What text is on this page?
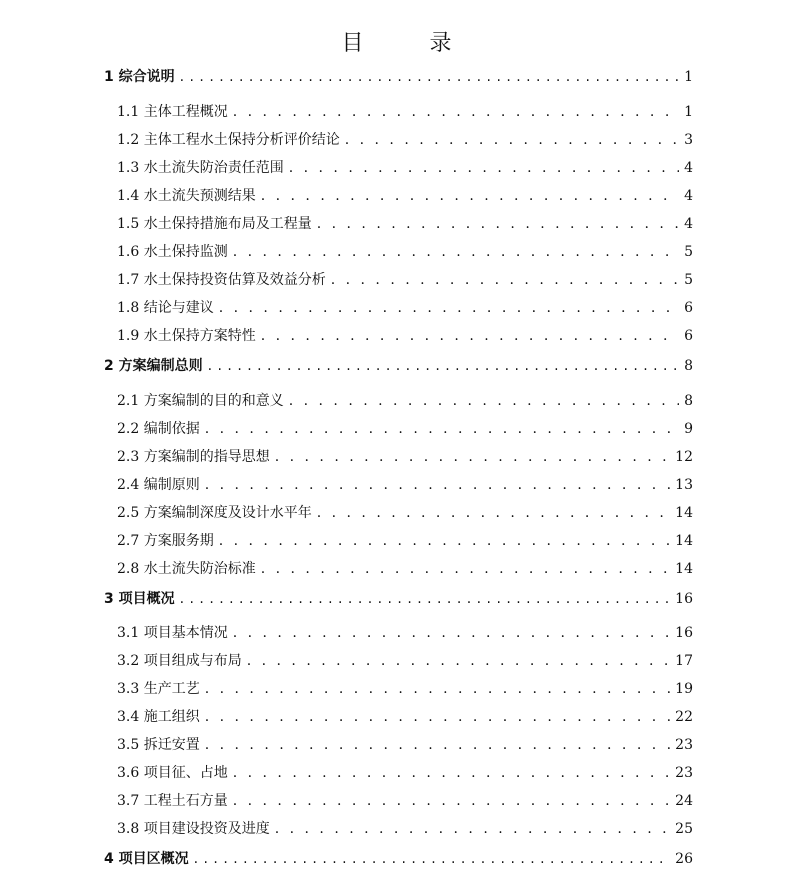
目　录
1 综合说明 . . .	1
1.1 主体工程概况 . . .	1
1.2 主体工程水土保持分析评价结论 . . .	3
1.3 水土流失防治责任范围 . . .	4
1.4 水土流失预测结果 . . .	4
1.5 水土保持措施布局及工程量 . . .	4
1.6 水土保持监测 . . .	5
1.7 水土保持投资估算及效益分析 . . .	5
1.8 结论与建议 . . .	6
1.9 水土保持方案特性 . . .	6
2 方案编制总则 . . .	8
2.1 方案编制的目的和意义 . . .	8
2.2 编制依据 . . .	9
2.3 方案编制的指导思想 . . .	12
2.4 编制原则 . . .	13
2.5 方案编制深度及设计水平年 . . .	14
2.7 方案服务期 . . .	14
2.8 水土流失防治标准 . . .	14
3 项目概况 . . .	16
3.1 项目基本情况 . . .	16
3.2 项目组成与布局 . . .	17
3.3 生产工艺 . . .	19
3.4 施工组织 . . .	22
3.5 拆迁安置 . . .	23
3.6 项目征、占地 . . .	23
3.7 工程土石方量 . . .	24
3.8 项目建设投资及进度 . . .	25
4 项目区概况 . . .	26
